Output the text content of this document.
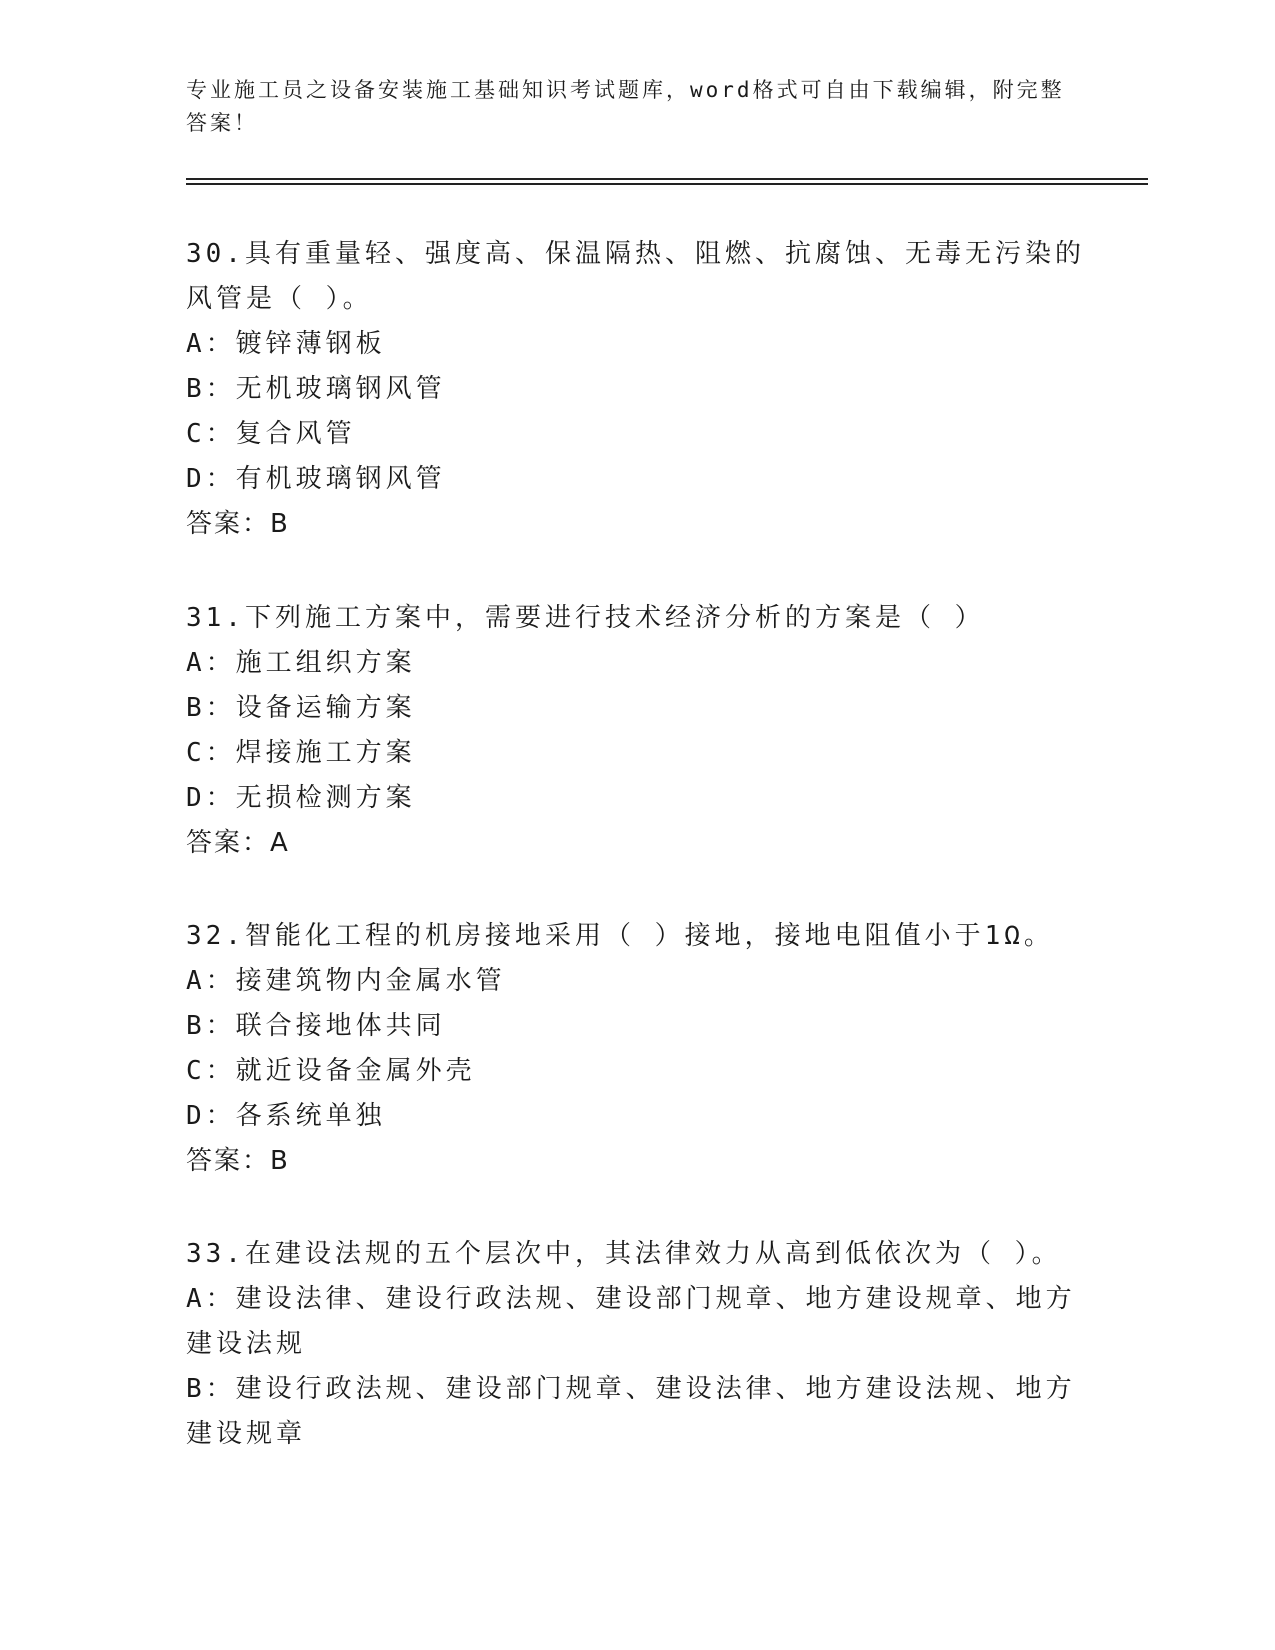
专业施工员之设备安装施工基础知识考试题库，word格式可自由下载编辑，附完整答案！

30.具有重量轻、强度高、保温隔热、阻燃、抗腐蚀、无毒无污染的风管是（ ）。

A：镀锌薄钢板

B：无机玻璃钢风管

C：复合风管

D：有机玻璃钢风管

答案：B

31.下列施工方案中，需要进行技术经济分析的方案是（ ）

A：施工组织方案

B：设备运输方案

C：焊接施工方案

D：无损检测方案

答案：A

32.智能化工程的机房接地采用（ ）接地，接地电阻值小于1Ω。

A：接建筑物内金属水管

B：联合接地体共同

C：就近设备金属外壳

D：各系统单独

答案：B

33.在建设法规的五个层次中，其法律效力从高到低依次为（ ）。

A：建设法律、建设行政法规、建设部门规章、地方建设规章、地方建设法规

B：建设行政法规、建设部门规章、建设法律、地方建设法规、地方建设规章
